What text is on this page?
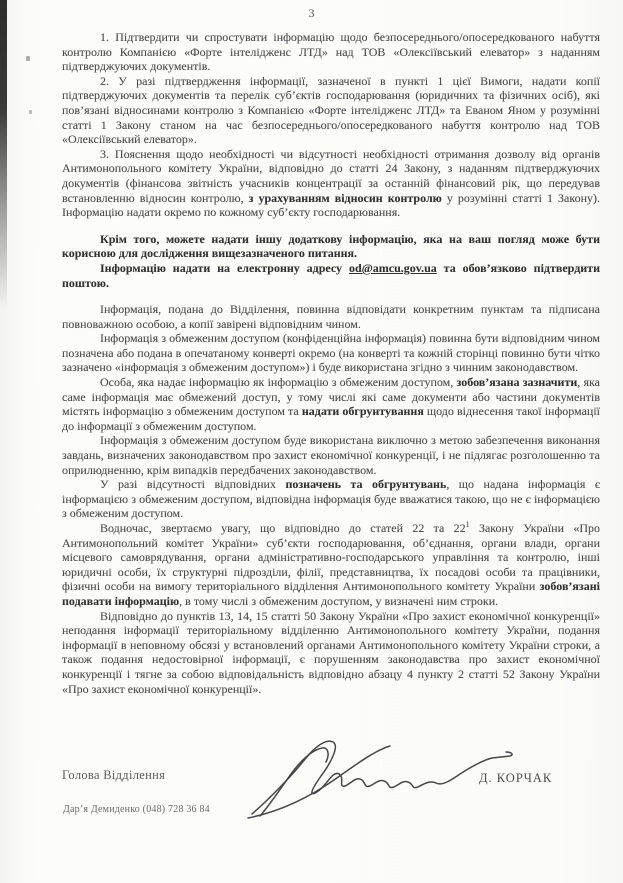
3

1. Підтвердити чи спростувати інформацію щодо безпосереднього/опосередкованого набуття контролю Компанією «Форте інтелідженс ЛТД» над ТОВ «Олексіївський елеватор» з наданням підтверджуючих документів.

2. У разі підтвердження інформації, зазначеної в пункті 1 цієї Вимоги, надати копії підтверджуючих документів та перелік суб’єктів господарювання (юридичних та фізичних осіб), які пов’язані відносинами контролю з Компанією «Форте інтелідженс ЛТД» та Еваном Яном у розумінні статті 1 Закону станом на час безпосереднього/опосередкованого набуття контролю над ТОВ «Олексіївський елеватор».

3. Пояснення щодо необхідності чи відсутності необхідності отримання дозволу від органів Антимонопольного комітету України, відповідно до статті 24 Закону, з наданням підтверджуючих документів (фінансова звітність учасників концентрації за останній фінансовий рік, що передував встановленню відносин контролю, з урахуванням відносин контролю у розумінні статті 1 Закону). Інформацію надати окремо по кожному суб’єкту господарювання.

Крім того, можете надати іншу додаткову інформацію, яка на ваш погляд може бути корисною для дослідження вищезазначеного питання.

Інформацію надати на електронну адресу od@amcu.gov.ua та обов’язково підтвердити поштою.

Інформація, подана до Відділення, повинна відповідати конкретним пунктам та підписана повноважною особою, а копії завірені відповідним чином.

Інформація з обмеженим доступом (конфіденційна інформація) повинна бути відповідним чином позначена або подана в опечатаному конверті окремо (на конверті та кожній сторінці повинно бути чітко зазначено «інформація з обмеженим доступом») і буде використана згідно з чинним законодавством.

Особа, яка надає інформацію як інформацію з обмеженим доступом, зобов’язана зазначити, яка саме інформація має обмежений доступ, у тому числі які саме документи або частини документів містять інформацію з обмеженим доступом та надати обгрунтування щодо віднесення такої інформації до інформації з обмеженим доступом.

Інформація з обмеженим доступом буде використана виключно з метою забезпечення виконання завдань, визначених законодавством про захист економічної конкуренції, і не підлягає розголошенню та оприлюдненню, крім випадків передбачених законодавством.

У разі відсутності відповідних позначень та обгрунтувань, що надана інформація є інформацією з обмеженим доступом, відповідна інформація буде вважатися такою, що не є інформацією з обмеженим доступом.

Водночас, звертаємо увагу, що відповідно до статей 22 та $22^1$ Закону України «Про Антимонопольний комітет України» суб’єкти господарювання, об’єднання, органи влади, органи місцевого самоврядування, органи адміністративно-господарського управління та контролю, інші юридичні особи, їх структурні підрозділи, філії, представництва, їх посадові особи та працівники, фізичні особи на вимогу територіального відділення Антимонопольного комітету України зобов’язані подавати інформацію, в тому числі з обмеженим доступом, у визначені ним строки.

Відповідно до пунктів 13, 14, 15 статті 50 Закону України «Про захист економічної конкуренції» неподання інформації територіальному відділенню Антимонопольного комітету України, подання інформації в неповному обсязі у встановлений органами Антимонопольного комітету України строки, а також подання недостовірної інформації, є порушенням законодавства про захист економічної конкуренції і тягне за собою відповідальність відповідно абзацу 4 пункту 2 статті 52 Закону України «Про захист економічної конкуренції».

Голова Відділення	Д. КОРЧАК
Дар’я Демиденко (048) 728 36 84
